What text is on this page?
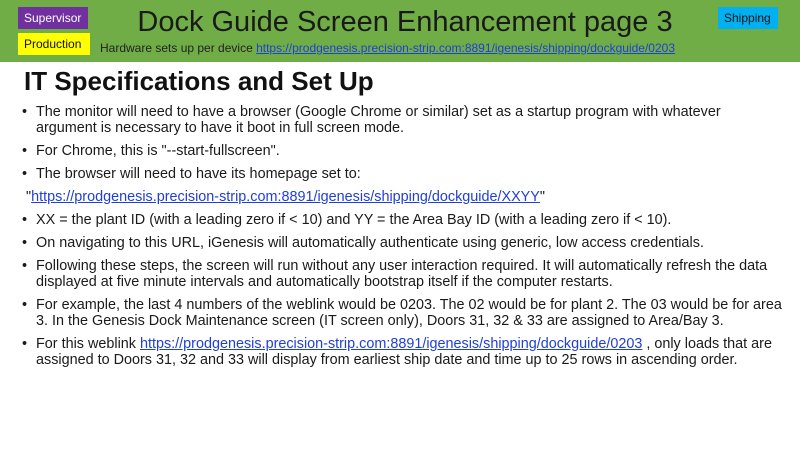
Supervisor
Production
Shipping
Dock Guide Screen Enhancement page 3
Hardware sets up per device https://prodgenesis.precision-strip.com:8891/igenesis/shipping/dockguide/0203
IT Specifications and Set Up
• The monitor will need to have a browser (Google Chrome or similar) set as a startup program with whatever argument is necessary to have it boot in full screen mode.
• For Chrome, this is "--start-fullscreen".
• The browser will need to have its homepage set to:
"https://prodgenesis.precision-strip.com:8891/igenesis/shipping/dockguide/XXYY"
• XX = the plant ID (with a leading zero if < 10) and YY = the Area Bay ID (with a leading zero if < 10).
• On navigating to this URL, iGenesis will automatically authenticate using generic, low access credentials.
• Following these steps, the screen will run without any user interaction required. It will automatically refresh the data displayed at five minute intervals and automatically bootstrap itself if the computer restarts.
• For example, the last 4 numbers of the weblink would be 0203. The 02 would be for plant 2. The 03 would be for area 3. In the Genesis Dock Maintenance screen (IT screen only), Doors 31, 32 & 33 are assigned to Area/Bay 3.
• For this weblink https://prodgenesis.precision-strip.com:8891/igenesis/shipping/dockguide/0203 , only loads that are assigned to Doors 31, 32 and 33 will display from earliest ship date and time up to 25 rows in ascending order.
